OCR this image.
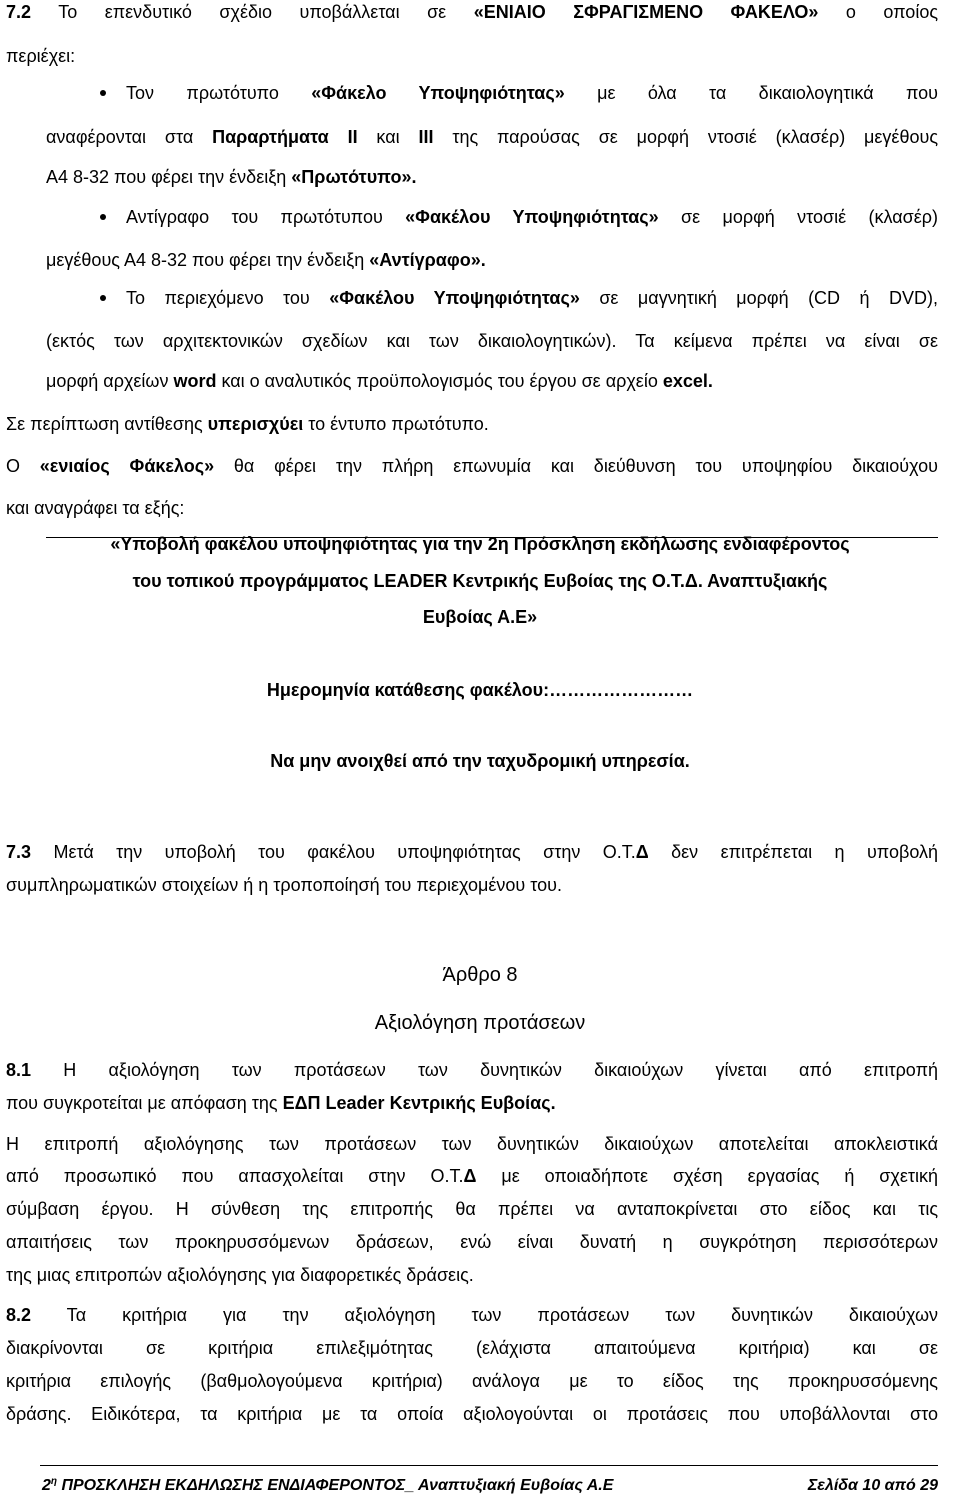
7.2 Το επενδυτικό σχέδιο υποβάλλεται σε «ΕΝΙΑΙΟ ΣΦΡΑΓΙΣΜΕΝΟ ΦΑΚΕΛΟ» ο οποίος
περιέχει:
Τον πρωτότυπο «Φάκελο Υποψηφιότητας» με όλα τα δικαιολογητικά που
αναφέρονται στα Παραρτήματα ΙΙ και ΙΙΙ της παρούσας σε μορφή ντοσιέ (κλασέρ) μεγέθους
Α4 8-32 που φέρει την ένδειξη «Πρωτότυπο».
Αντίγραφο του πρωτότυπου «Φακέλου Υποψηφιότητας» σε μορφή ντοσιέ (κλασέρ)
μεγέθους Α4 8-32 που φέρει την ένδειξη «Αντίγραφο».
Το περιεχόμενο του «Φακέλου Υποψηφιότητας» σε μαγνητική μορφή (CD ή DVD),
(εκτός των αρχιτεκτονικών σχεδίων και των δικαιολογητικών). Τα κείμενα πρέπει να είναι σε
μορφή αρχείων word και ο αναλυτικός προϋπολογισμός του έργου σε αρχείο excel.
Σε περίπτωση αντίθεσης υπερισχύει το έντυπο πρωτότυπο.
Ο «ενιαίος Φάκελος» θα φέρει την πλήρη επωνυμία και διεύθυνση του υποψηφίου δικαιούχου
και αναγράφει τα εξής:
«Υποβολή φακέλου υποψηφιότητας για την 2η Πρόσκληση εκδήλωσης ενδιαφέροντος
του τοπικού προγράμματος LEADER Κεντρικής Ευβοίας της Ο.Τ.Δ. Αναπτυξιακής
Ευβοίας Α.Ε»
Ημερομηνία κατάθεσης φακέλου:……………………
Να μην ανοιχθεί από την ταχυδρομική υπηρεσία.
7.3 Μετά την υποβολή του φακέλου υποψηφιότητας στην Ο.Τ.Δ δεν επιτρέπεται η υποβολή
συμπληρωματικών στοιχείων ή η τροποποίησή του περιεχομένου του.
Άρθρο 8
Αξιολόγηση προτάσεων
8.1 Η αξιολόγηση των προτάσεων των δυνητικών δικαιούχων γίνεται από επιτροπή
που συγκροτείται με απόφαση της ΕΔΠ Leader Κεντρικής Ευβοίας.
Η επιτροπή αξιολόγησης των προτάσεων των δυνητικών δικαιούχων αποτελείται αποκλειστικά
από προσωπικό που απασχολείται στην Ο.Τ.Δ με οποιαδήποτε σχέση εργασίας ή σχετική
σύμβαση έργου. Η σύνθεση της επιτροπής θα πρέπει να ανταποκρίνεται στο είδος και τις
απαιτήσεις των προκηρυσσόμενων δράσεων, ενώ είναι δυνατή η συγκρότηση περισσότερων
της μιας επιτροπών αξιολόγησης για διαφορετικές δράσεις.
8.2 Τα κριτήρια για την αξιολόγηση των προτάσεων των δυνητικών δικαιούχων
διακρίνονται σε κριτήρια επιλεξιμότητας (ελάχιστα απαιτούμενα κριτήρια) και σε
κριτήρια επιλογής (βαθμολογούμενα κριτήρια) ανάλογα με το είδος της προκηρυσσόμενης
δράσης. Ειδικότερα, τα κριτήρια με τα οποία αξιολογούνται οι προτάσεις που υποβάλλονται στο
$2^\eta$ ΠΡΟΣΚΛΗΣΗ ΕΚΔΗΛΩΣΗΣ ΕΝΔΙΑΦΕΡΟΝΤΟΣ_ Αναπτυξιακή Ευβοίας Α.Ε	Σελίδα 10 από 29
